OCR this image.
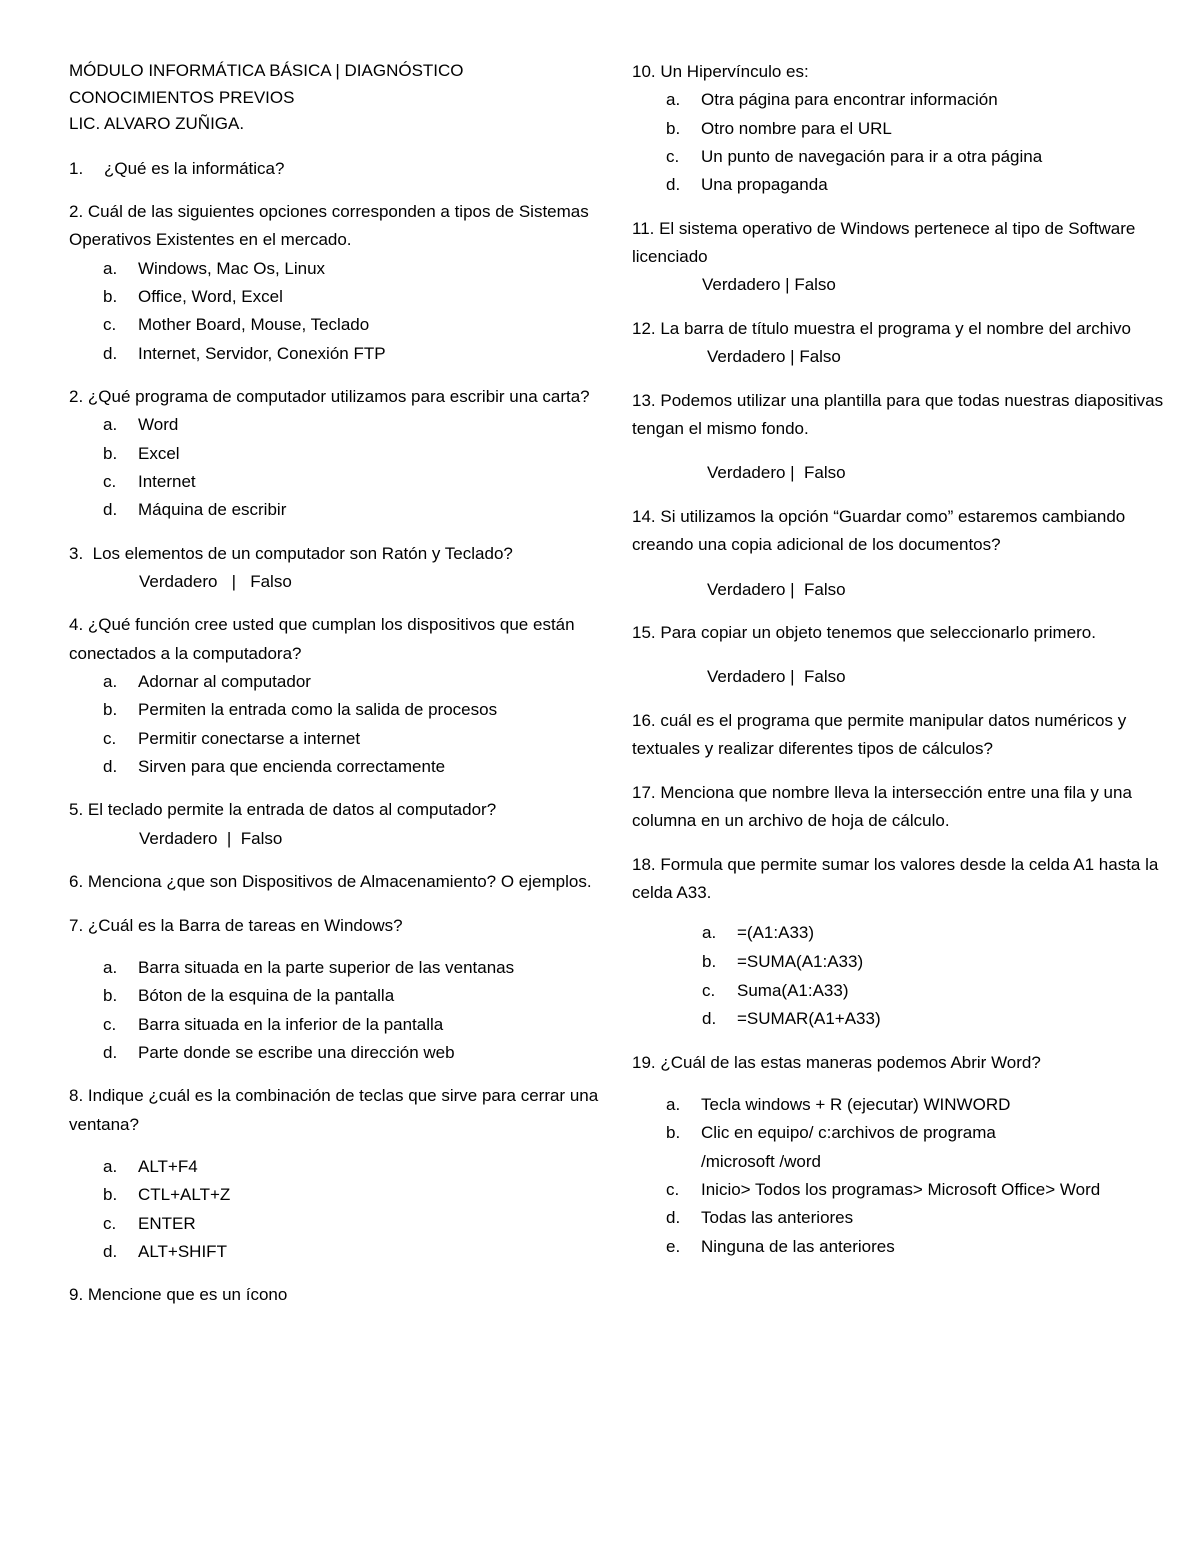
MÓDULO INFORMÁTICA BÁSICA | DIAGNÓSTICO
CONOCIMIENTOS PREVIOS
LIC. ALVARO ZUÑIGA.
1.	¿Qué es la informática?
2. Cuál de las siguientes opciones corresponden a tipos de Sistemas Operativos Existentes en el mercado.
a.	Windows, Mac Os, Linux
b.	Office, Word, Excel
c.	Mother Board, Mouse, Teclado
d.	Internet, Servidor, Conexión FTP
2. ¿Qué programa de computador utilizamos para escribir una carta?
a.	Word
b.	Excel
c.	Internet
d.	Máquina de escribir
3.  Los elementos de un computador son Ratón y Teclado?
Verdadero   |   Falso
4. ¿Qué función cree usted que cumplan los dispositivos que están conectados a la computadora?
a.	Adornar al computador
b.	Permiten la entrada como la salida de procesos
c.	Permitir conectarse a internet
d.	Sirven para que encienda correctamente
5. El teclado permite la entrada de datos al computador?
Verdadero  |  Falso
6. Menciona ¿que son Dispositivos de Almacenamiento? O ejemplos.
7. ¿Cuál es la Barra de tareas en Windows?
a.	Barra situada en la parte superior de las ventanas
b.	Bóton de la esquina de la pantalla
c.	Barra situada en la inferior de la pantalla
d.	Parte donde se escribe una dirección web
8. Indique ¿cuál es la combinación de teclas que sirve para cerrar una ventana?
a.	ALT+F4
b.	CTL+ALT+Z
c.	ENTER
d.	ALT+SHIFT
9. Mencione que es un ícono
10. Un Hipervínculo es:
a.	Otra página para encontrar información
b.	Otro nombre para el URL
c.	Un punto de navegación para ir a otra página
d.	Una propaganda
11. El sistema operativo de Windows pertenece al tipo de Software licenciado
Verdadero | Falso
12. La barra de título muestra el programa y el nombre del archivo
Verdadero | Falso
13. Podemos utilizar una plantilla para que todas nuestras diapositivas tengan el mismo fondo.
Verdadero |  Falso
14. Si utilizamos la opción “Guardar como” estaremos cambiando creando una copia adicional de los documentos?
Verdadero |  Falso
15. Para copiar un objeto tenemos que seleccionarlo primero.
Verdadero |  Falso
16. cuál es el programa que permite manipular datos numéricos y textuales y realizar diferentes tipos de cálculos?
17. Menciona que nombre lleva la intersección entre una fila y una columna en un archivo de hoja de cálculo.
18. Formula que permite sumar los valores desde la celda A1 hasta la celda A33.
a.	=(A1:A33)
b.	=SUMA(A1:A33)
c.	Suma(A1:A33)
d.	=SUMAR(A1+A33)
19. ¿Cuál de las estas maneras podemos Abrir Word?
a.	Tecla windows + R (ejecutar) WINWORD
b.	Clic en equipo/ c:archivos de programa /microsoft /word
c.	Inicio> Todos los programas> Microsoft Office> Word
d.	Todas las anteriores
e.	Ninguna de las anteriores
